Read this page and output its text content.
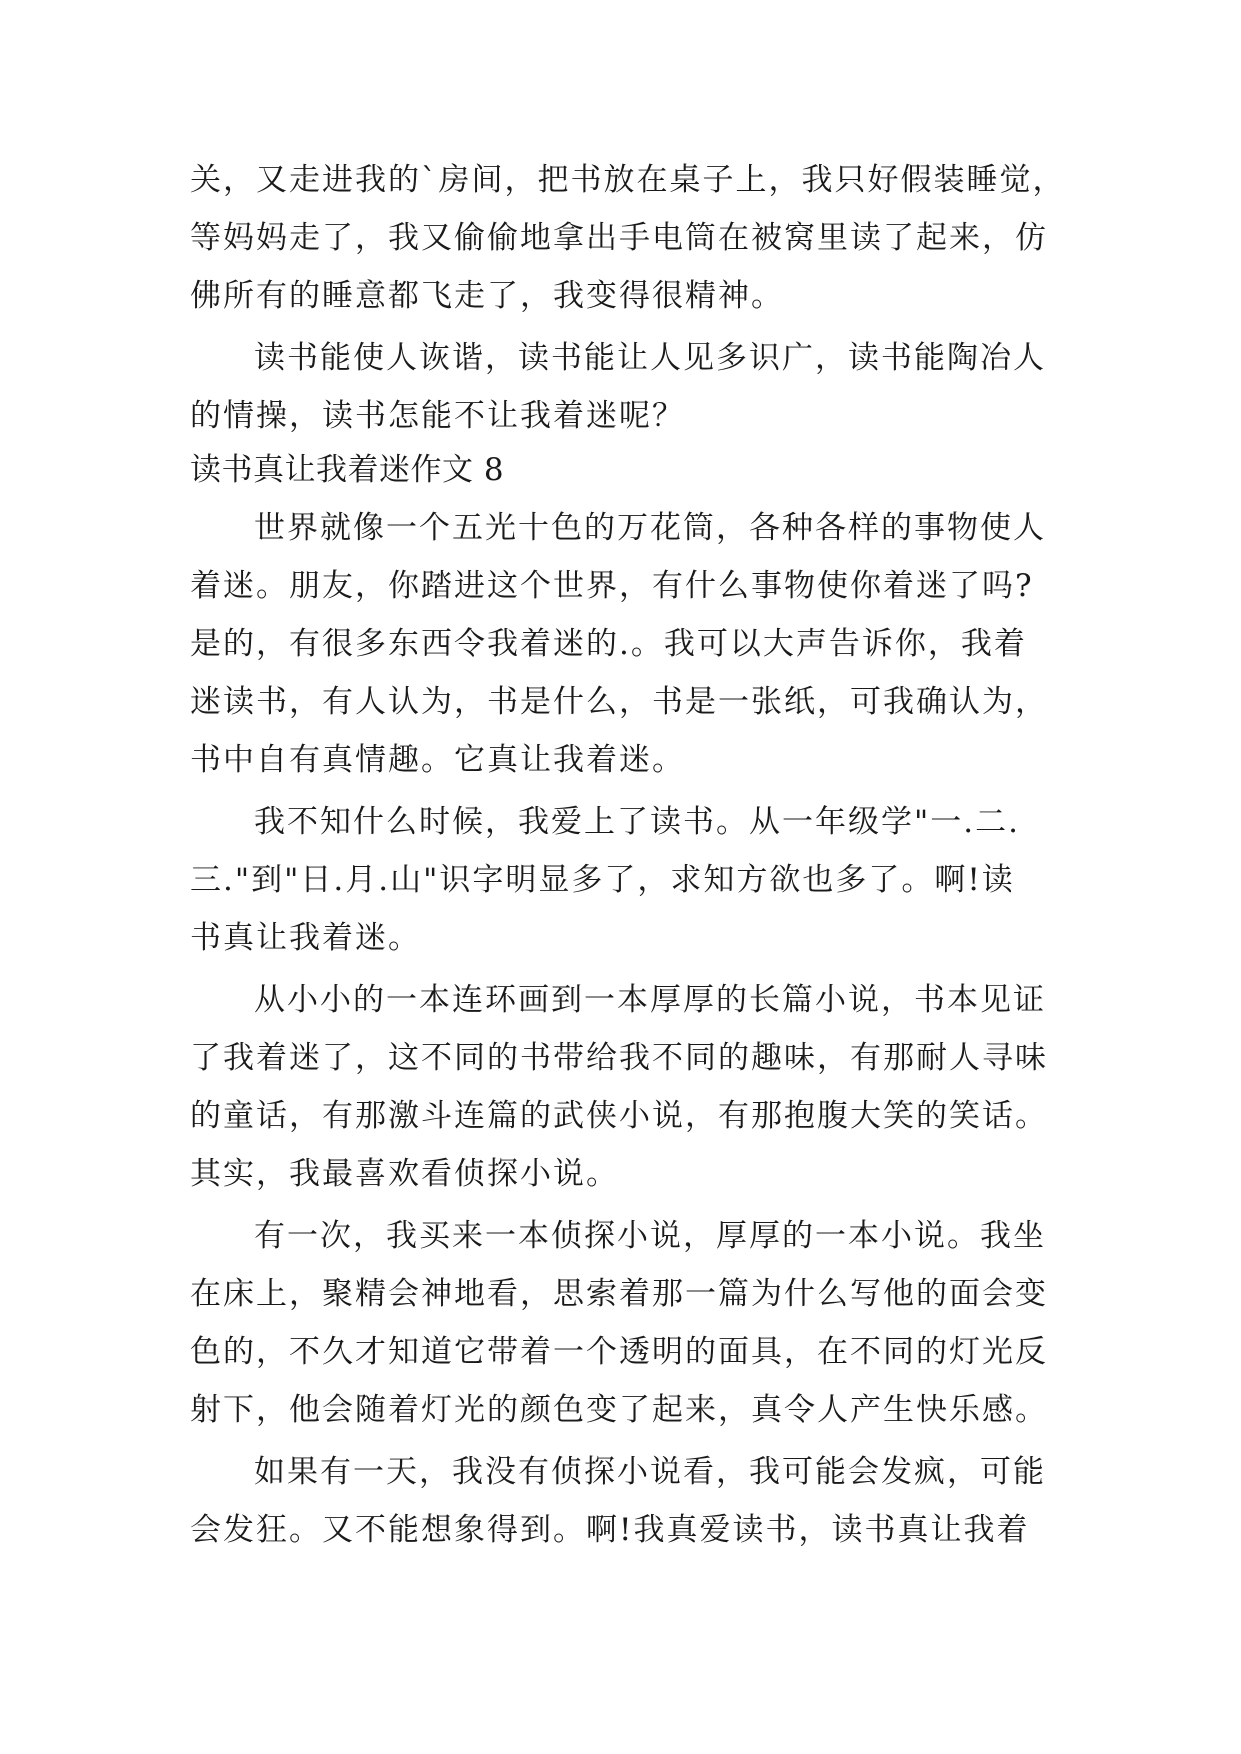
关，又走进我的`房间，把书放在桌子上，我只好假装睡觉，
等妈妈走了，我又偷偷地拿出手电筒在被窝里读了起来，仿
佛所有的睡意都飞走了，我变得很精神。
读书能使人诙谐，读书能让人见多识广，读书能陶冶人
的情操，读书怎能不让我着迷呢？
读书真让我着迷作文 8
世界就像一个五光十色的万花筒，各种各样的事物使人
着迷。朋友，你踏进这个世界，有什么事物使你着迷了吗?
是的，有很多东西令我着迷的.。我可以大声告诉你，我着
迷读书，有人认为，书是什么，书是一张纸，可我确认为，
书中自有真情趣。它真让我着迷。
我不知什么时候，我爱上了读书。从一年级学"一.二.
三."到"日.月.山"识字明显多了，求知方欲也多了。啊!读
书真让我着迷。
从小小的一本连环画到一本厚厚的长篇小说，书本见证
了我着迷了，这不同的书带给我不同的趣味，有那耐人寻味
的童话，有那激斗连篇的武侠小说，有那抱腹大笑的笑话。
其实，我最喜欢看侦探小说。
有一次，我买来一本侦探小说，厚厚的一本小说。我坐
在床上，聚精会神地看，思索着那一篇为什么写他的面会变
色的，不久才知道它带着一个透明的面具，在不同的灯光反
射下，他会随着灯光的颜色变了起来，真令人产生快乐感。
如果有一天，我没有侦探小说看，我可能会发疯，可能
会发狂。又不能想象得到。啊!我真爱读书，读书真让我着
